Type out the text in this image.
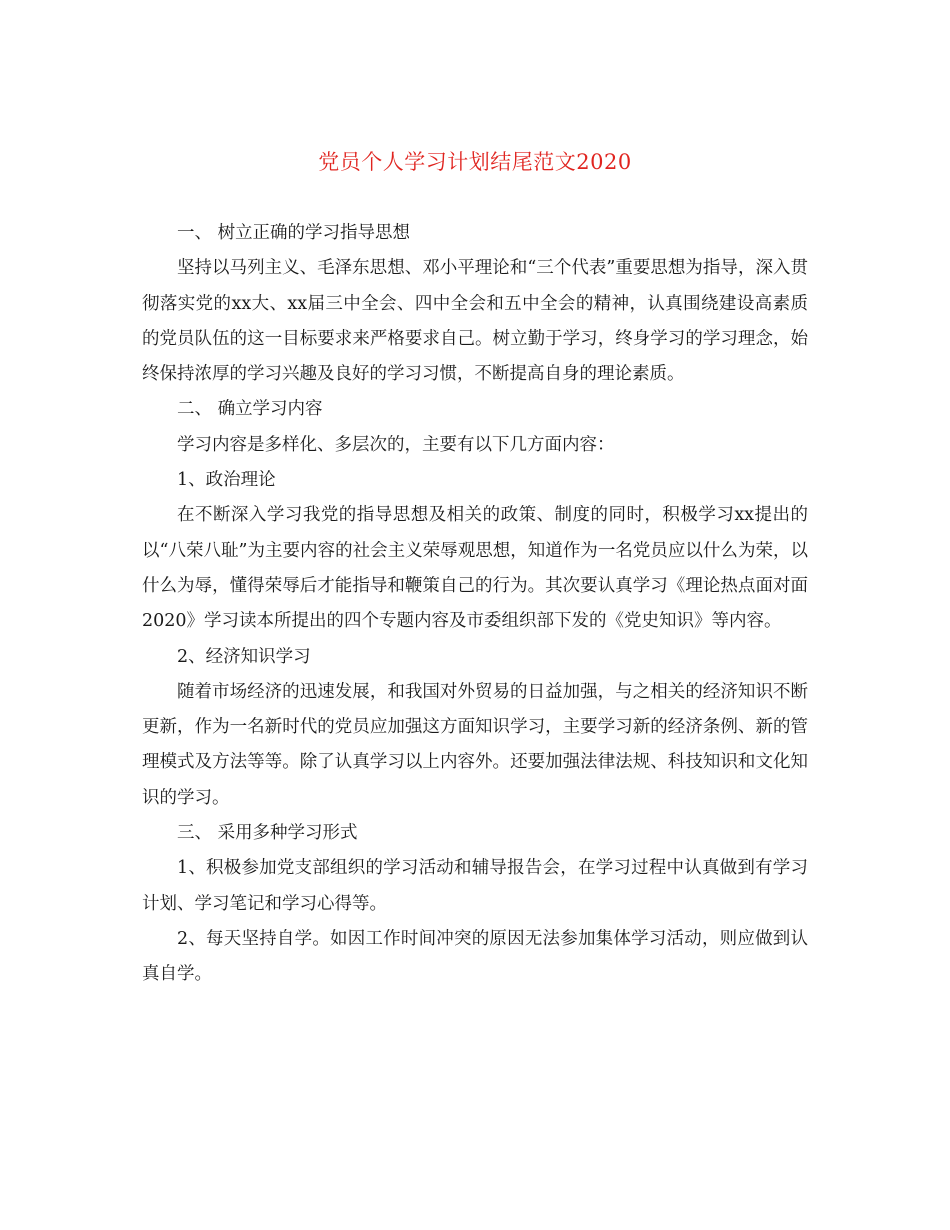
党员个人学习计划结尾范文2020

一、 树立正确的学习指导思想

坚持以马列主义、毛泽东思想、邓小平理论和“三个代表”重要思想为指导，深入贯彻落实党的xx大、xx届三中全会、四中全会和五中全会的精神，认真围绕建设高素质的党员队伍的这一目标要求来严格要求自己。树立勤于学习，终身学习的学习理念，始终保持浓厚的学习兴趣及良好的学习习惯，不断提高自身的理论素质。

二、 确立学习内容

学习内容是多样化、多层次的，主要有以下几方面内容：

1、政治理论

在不断深入学习我党的指导思想及相关的政策、制度的同时，积极学习xx提出的以“八荣八耻”为主要内容的社会主义荣辱观思想，知道作为一名党员应以什么为荣，以什么为辱，懂得荣辱后才能指导和鞭策自己的行为。其次要认真学习《理论热点面对面2020》学习读本所提出的四个专题内容及市委组织部下发的《党史知识》等内容。

2、经济知识学习

随着市场经济的迅速发展，和我国对外贸易的日益加强，与之相关的经济知识不断更新，作为一名新时代的党员应加强这方面知识学习，主要学习新的经济条例、新的管理模式及方法等等。除了认真学习以上内容外。还要加强法律法规、科技知识和文化知识的学习。

三、 采用多种学习形式

1、积极参加党支部组织的学习活动和辅导报告会，在学习过程中认真做到有学习计划、学习笔记和学习心得等。

2、每天坚持自学。如因工作时间冲突的原因无法参加集体学习活动，则应做到认真自学。
